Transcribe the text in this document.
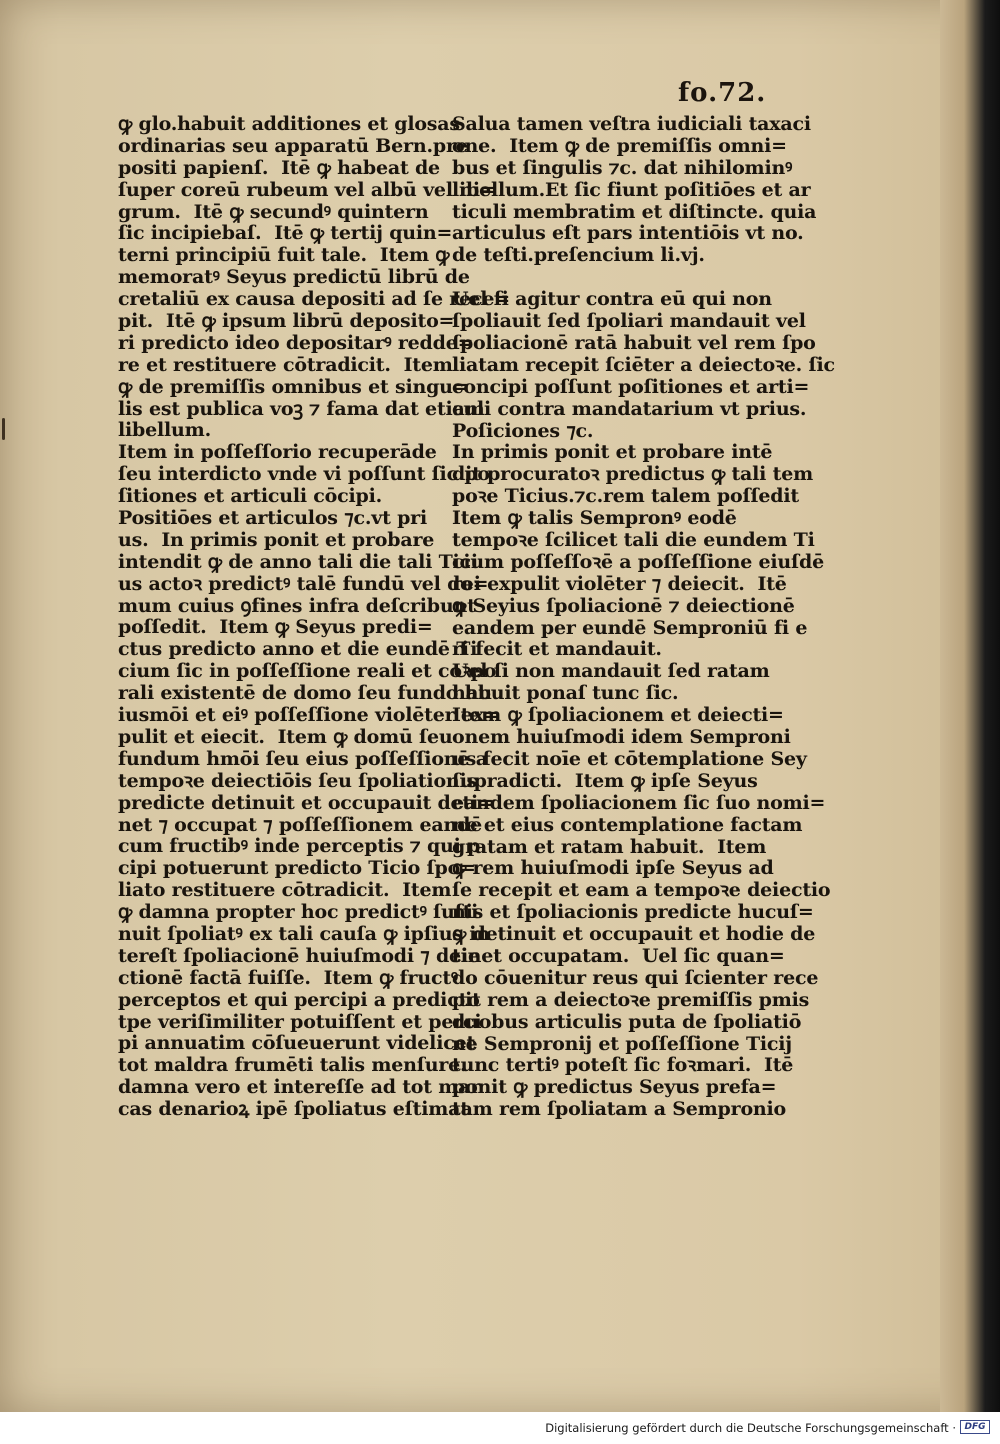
fo.72.
ꝙ glo.habuit additiones et glosas
ordinarias seu apparatū Bern.pre
positi papienſ.  Itē ꝙ habeat de
ſuper coreū rubeum vel albū vel ni=
grum.  Itē ꝙ secundꝰ quintern
ſic incipiebaſ.  Itē ꝙ tertij quin=
terni principiū fuit tale.  Item ꝙ
memoratꝰ Seyus predictū librū de
cretaliū ex causa depositi ad ſe rece=
pit.  Itē ꝙ ipsum librū deposito=
ri predicto ideo depositarꝰ redde=
re et restituere cōtradicit.  Item
ꝙ de premiſſis omnibus et singu=
lis est publica voꝫ ⁊ fama dat etiam
libellum.
Item in poſſeſſorio recuperāde
ſeu interdicto vnde vi poſſunt ſic po
ſitiones et articuli cōcipi.
Positiōes et articulos ⁊c.vt pri
us.  In primis ponit et probare
intendit ꝙ de anno tali die tali Tici
us actoꝛ predictꝰ talē fundū vel do=
mum cuius ꝯfines infra deſcribunt
poſſedit.  Item ꝙ Seyus predi=
ctus predicto anno et die eundē Ti
cium ſic in poſſeſſione reali et coꝛpo
rali existentē de domo ſeu fundo hu
iusmōi et eiꝰ poſſeſſione violēter ex=
pulit et eiecit.  Item ꝙ domū ſeu
fundum hmōi ſeu eius poſſeſſionē a
tempoꝛe deiectiōis ſeu ſpoliationis
predicte detinuit et occupauit deti=
net ⁊ occupat ⁊ poſſeſſionem eandē
cum fructibꝰ inde perceptis ⁊ qui p
cipi potuerunt predicto Ticio ſpo=
liato restituere cōtradicit.  Item
ꝙ damna propter hoc predictꝰ ſuſti
nuit ſpoliatꝰ ex tali cauſa ꝙ ipſius in
tereſt ſpoliacionē huiuſmodi ⁊ deie
ctionē factā fuiſſe.  Item ꝙ fructꝰ
perceptos et qui percipi a predicto
tpe veriſimiliter potuiſſent et perci
pi annuatim cōſueuerunt videlicet
tot maldra frumēti talis menſure.
damna vero et intereſſe ad tot mar
cas denarioꝝ ipē ſpoliatus eſtimat
Salua tamen veſtra iudiciali taxaci
one.  Item ꝙ de premiſſis omni=
bus et ſingulis ⁊c. dat nihilominꝰ
libellum.Et ſic fiunt poſitiōes et ar
ticuli membratim et diſtincte. quia
articulus eſt pars intentiōis vt no.
de teſti.preſencium li.vj.
Uel ſi agitur contra eū qui non
ſpoliauit ſed ſpoliari mandauit vel
ſpoliacionē ratā habuit vel rem ſpo
liatam recepit ſciēter a deiectoꝛe. ſic
concipi poſſunt poſitiones et arti=
culi contra mandatarium vt prius.
Poſiciones ⁊c.
In primis ponit et probare intē
dit procuratoꝛ predictus ꝙ tali tem
poꝛe Ticius.⁊c.rem talem poſſedit
Item ꝙ talis Sempronꝰ eodē
tempoꝛe ſcilicet tali die eundem Ti
cium poſſeſſoꝛē a poſſeſſione eiuſdē
rei expulit violēter ⁊ deiecit.  Itē
ꝙ Seyius ſpoliacionē ⁊ deiectionē
eandem per eundē Semproniū fi e
ri fecit et mandauit.
Uel ſi non mandauit ſed ratam
habuit ponaſ tunc ſic.
Item ꝙ ſpoliacionem et deiecti=
onem huiuſmodi idem Semproni
us fecit noīe et cōtemplatione Sey
ſupradicti.  Item ꝙ ipſe Seyus
eandem ſpoliacionem ſic ſuo nomi=
ne et eius contemplatione factam
gratam et ratam habuit.  Item
ꝙ rem huiuſmodi ipſe Seyus ad
ſe recepit et eam a tempoꝛe deiectio
nis et ſpoliacionis predicte hucuſ=
ꝙ detinuit et occupauit et hodie de
tinet occupatam.  Uel ſic quan=
do cōuenitur reus qui ſcienter rece
pit rem a deiectoꝛe premiſſis pmis
duobus articulis puta de ſpoliatiō
ne Sempronij et poſſeſſione Ticij
tunc tertiꝰ poteſt ſic foꝛmari.  Itē
ponit ꝙ predictus Seyus prefa=
tam rem ſpoliatam a Sempronio
Digitalisierung gefördert durch die Deutsche Forschungsgemeinschaft · DFG
